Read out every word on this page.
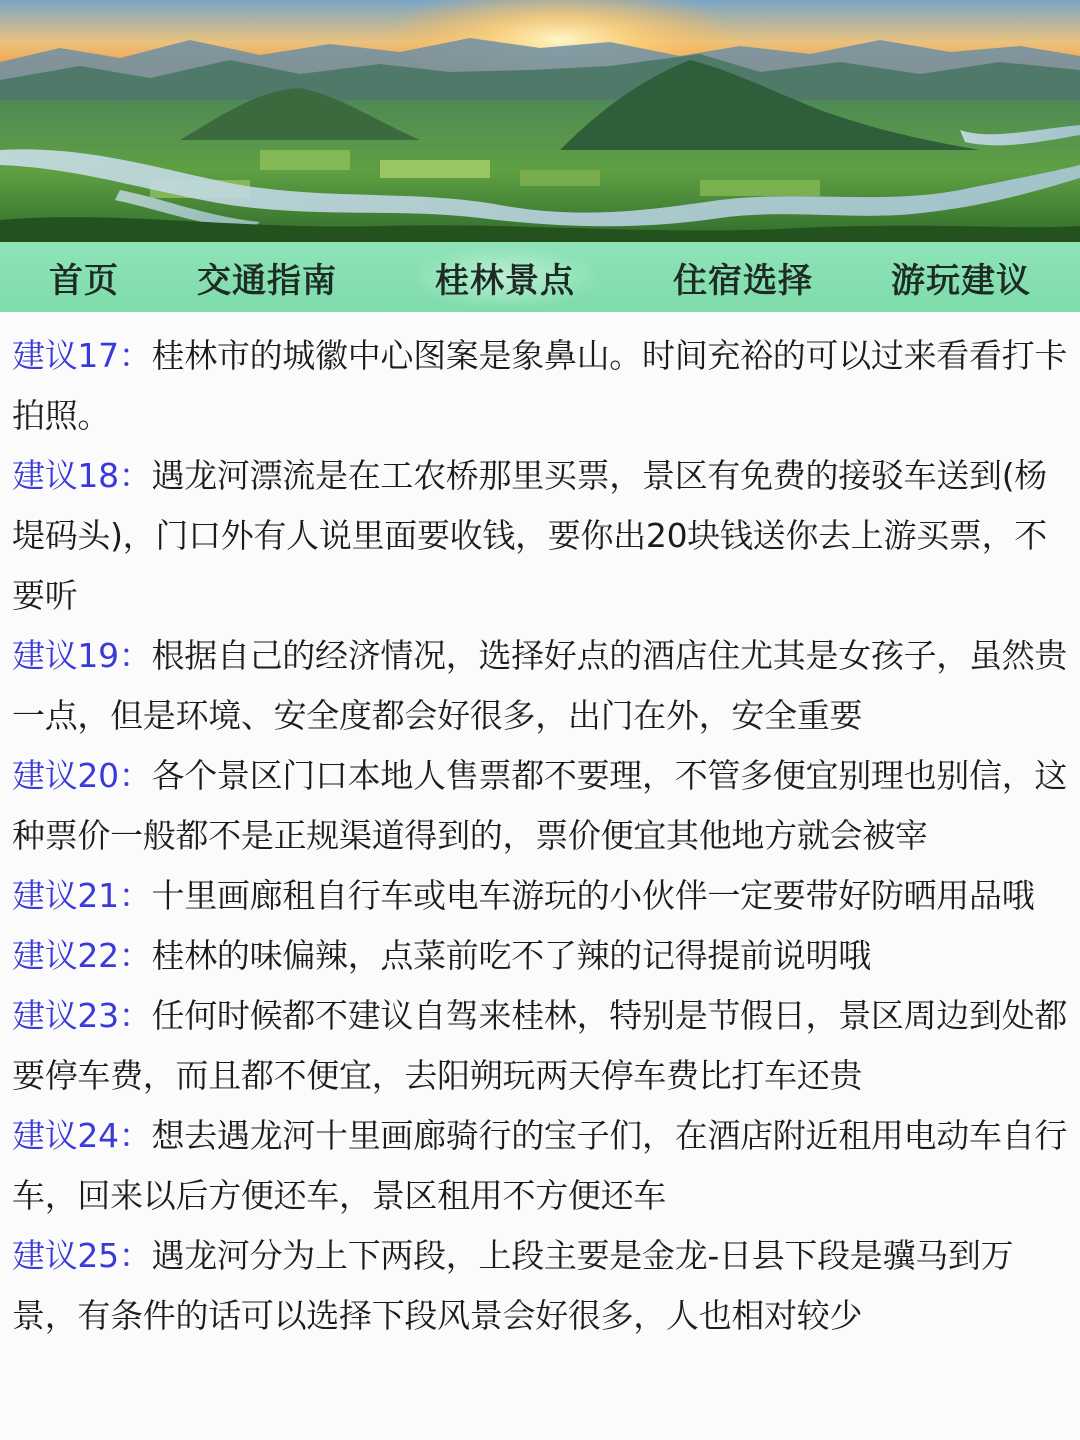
首页 交通指南	桂林景点	住宿选择 游玩建议
建议17：桂林市的城徽中心图案是象鼻山。时间充裕的可以过来看看打卡拍照。
建议18：遇龙河漂流是在工农桥那里买票，景区有免费的接驳车送到(杨堤码头)，门口外有人说里面要收钱，要你出20块钱送你去上游买票，不要听
建议19：根据自己的经济情况，选择好点的酒店住尤其是女孩子，虽然贵一点，但是环境、安全度都会好很多，出门在外，安全重要
建议20：各个景区门口本地人售票都不要理，不管多便宜别理也别信，这种票价一般都不是正规渠道得到的，票价便宜其他地方就会被宰
建议21：十里画廊租自行车或电车游玩的小伙伴一定要带好防晒用品哦
建议22：桂林的味偏辣，点菜前吃不了辣的记得提前说明哦
建议23：任何时候都不建议自驾来桂林，特别是节假日，景区周边到处都要停车费，而且都不便宜，去阳朔玩两天停车费比打车还贵
建议24：想去遇龙河十里画廊骑行的宝子们，在酒店附近租用电动车自行车，回来以后方便还车，景区租用不方便还车
建议25：遇龙河分为上下两段，上段主要是金龙-日县下段是骥马到万景，有条件的话可以选择下段风景会好很多，人也相对较少
